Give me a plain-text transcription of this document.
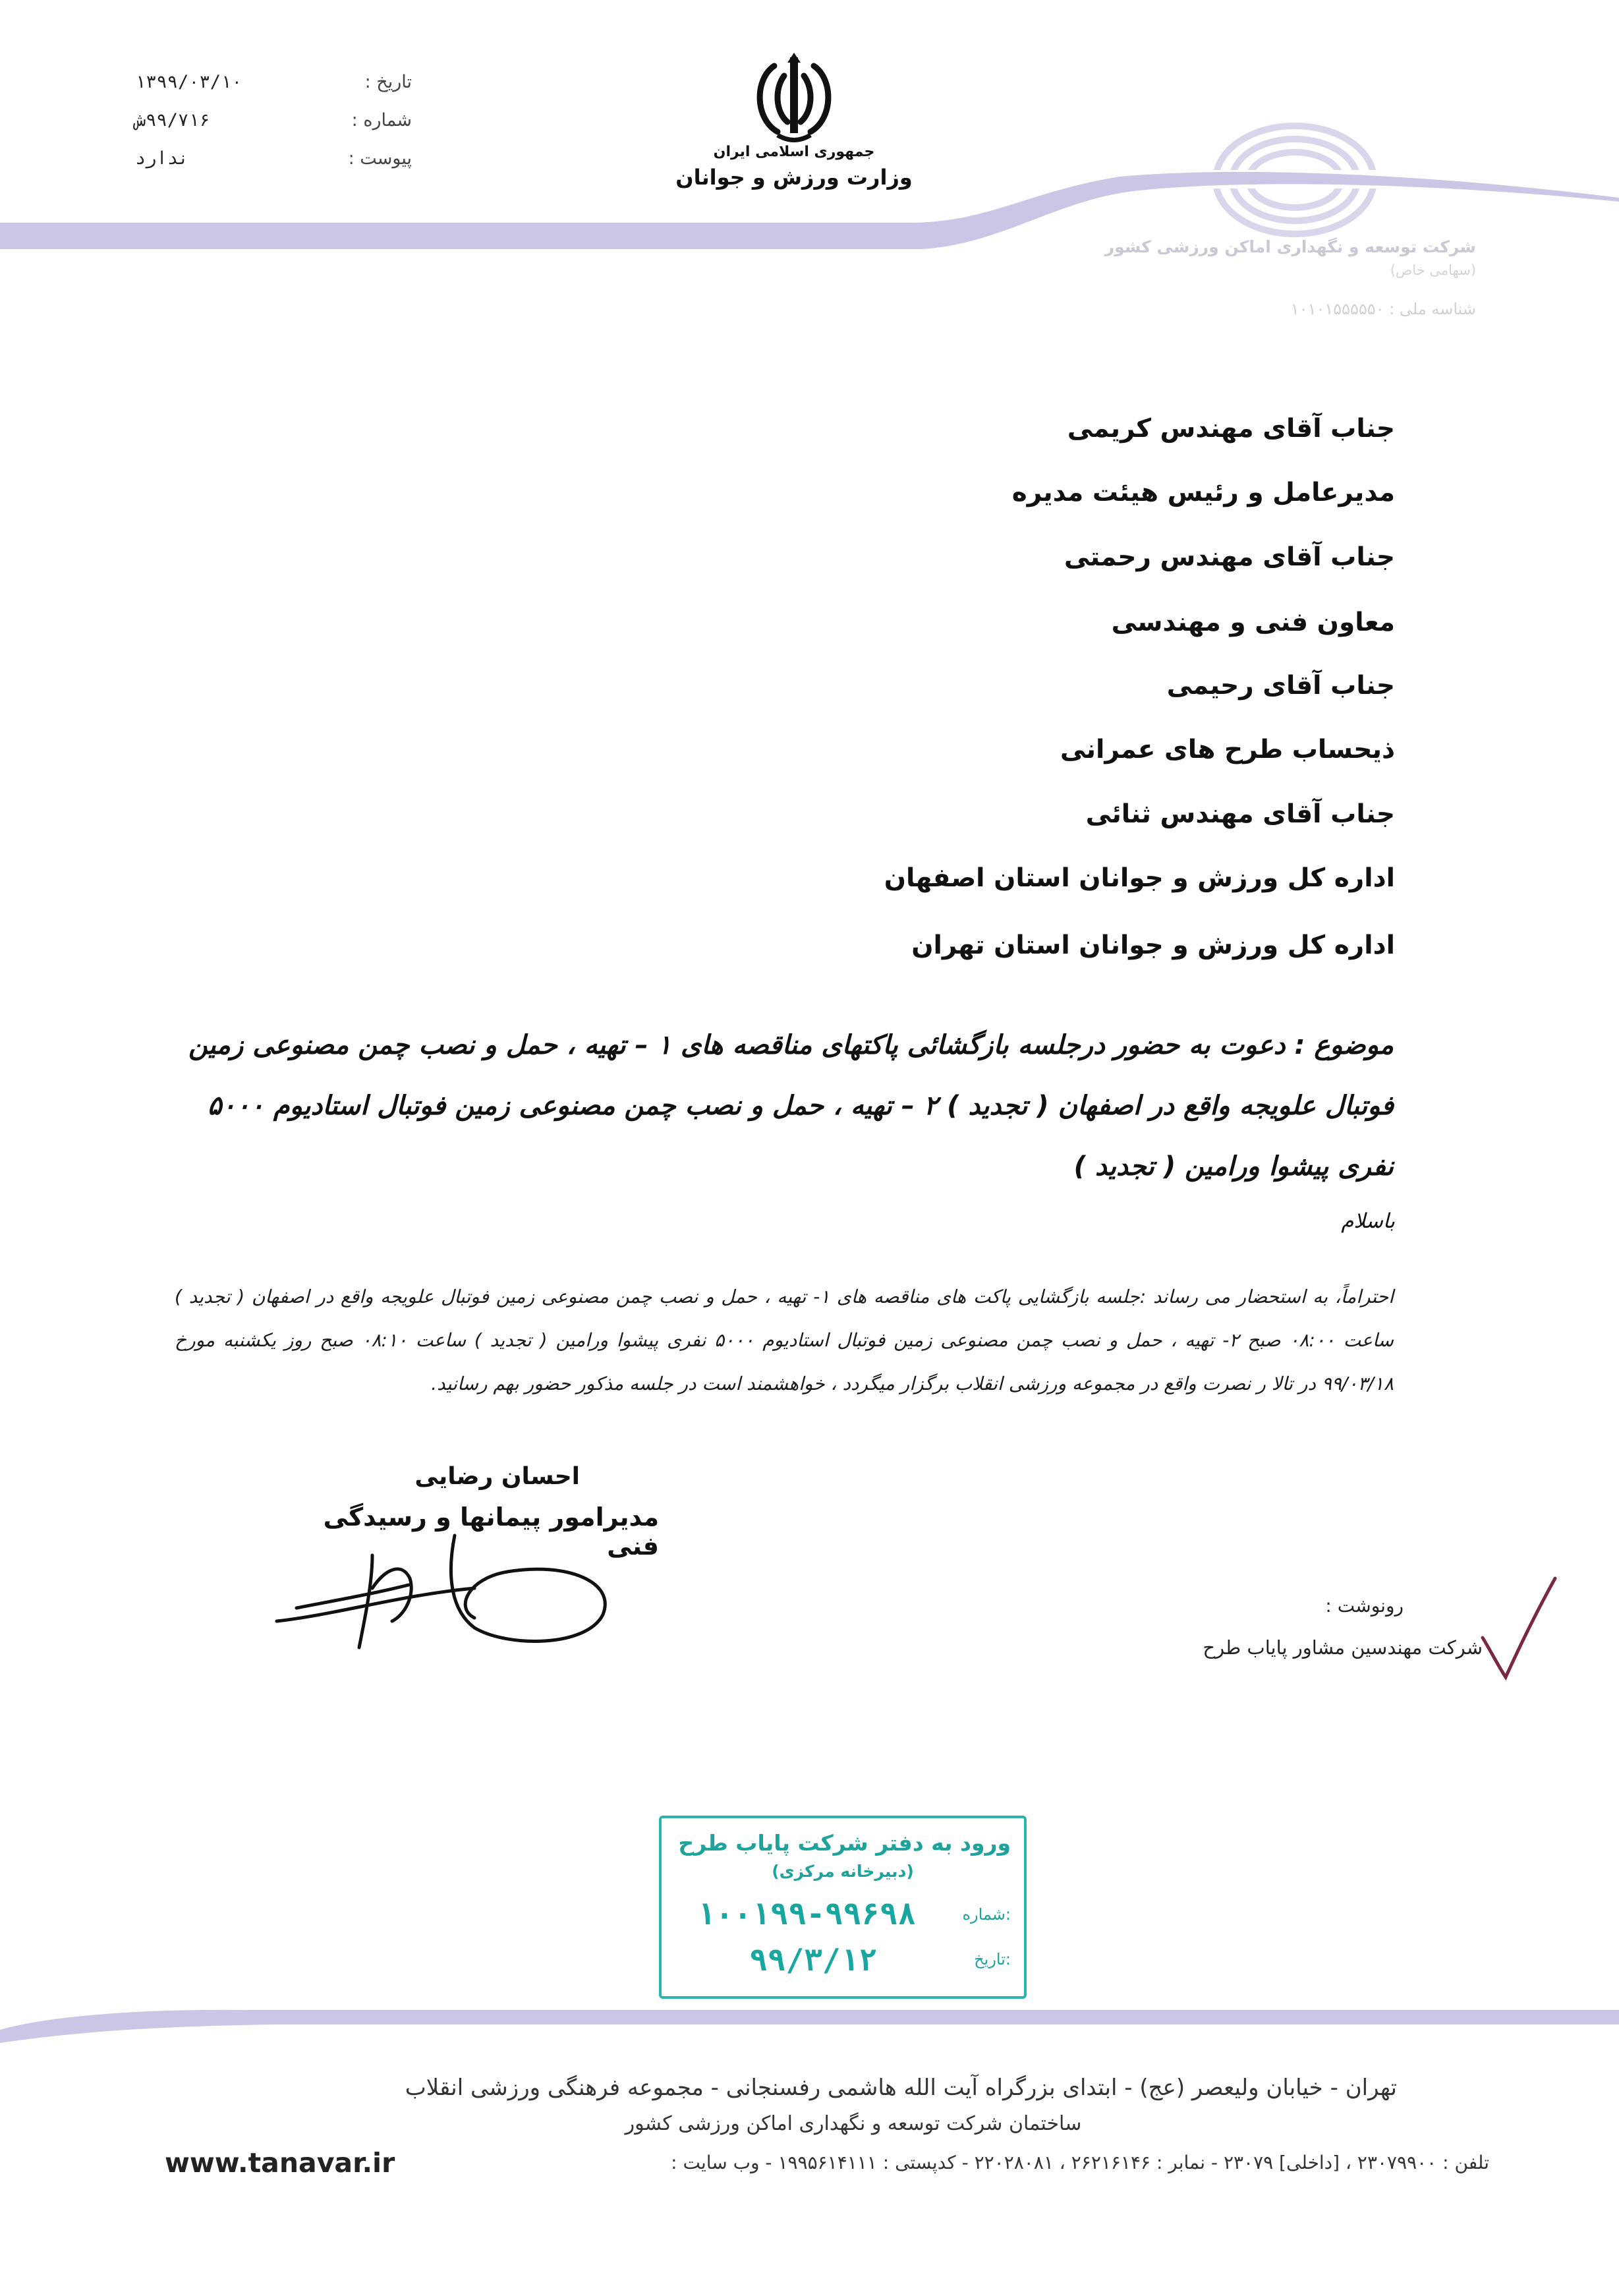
تاریخ :
۱۳۹۹/۰۳/۱۰
شماره :
۹۹/۷۱۶ش
پیوست :
ندارد	جمهوری اسلامی ایران
وزارت ورزش و جوانان
شرکت توسعه و نگهداری اماکن ورزشی کشور
(سهامی خاص)
شناسه ملی : ۱۰۱۰۱۵۵۵۵۵۰
جناب آقای مهندس کریمی
مدیرعامل و رئیس هیئت مدیره
جناب آقای مهندس رحمتی
معاون فنی و مهندسی
جناب آقای رحیمی
ذیحساب طرح های عمرانی
جناب آقای مهندس ثنائی
اداره کل ورزش و جوانان استان اصفهان
اداره کل ورزش و جوانان استان تهران
موضوع : دعوت به حضور درجلسه بازگشائی پاکتهای مناقصه های ۱ – تهیه ، حمل و نصب چمن مصنوعی زمین فوتبال علویجه واقع در اصفهان ( تجدید ) ۲ – تهیه ، حمل و نصب چمن مصنوعی زمین فوتبال استادیوم ۵۰۰۰ نفری پیشوا ورامین ( تجدید )
باسلام
احتراماً، به استحضار می رساند :جلسه بازگشایی پاکت های مناقصه های ۱- تهیه ، حمل و نصب چمن مصنوعی زمین فوتبال علویجه واقع در اصفهان ( تجدید ) ساعت ۰۸:۰۰ صبح ۲- تهیه ، حمل و نصب چمن مصنوعی زمین فوتبال استادیوم ۵۰۰۰ نفری پیشوا ورامین ( تجدید ) ساعت ۰۸:۱۰ صبح روز یکشنبه مورخ ۹۹/۰۳/۱۸ در تالا ر نصرت واقع در مجموعه ورزشی انقلاب برگزار میگردد ، خواهشمند است در جلسه مذکور حضور بهم رسانید.
احسان رضایی
مدیرامور پیمانها و رسیدگی فنی
رونوشت :
شرکت مهندسین مشاور پایاب طرح
ورود به دفتر شرکت پایاب طرح
(دبیرخانه مرکزی)
شماره:
۱۰۰۱۹۹-۹۹۶۹۸
تاریخ:
۹۹/۳/۱۲
تهران - خیابان ولیعصر (عج) - ابتدای بزرگراه آیت الله هاشمی رفسنجانی - مجموعه فرهنگی ورزشی انقلاب
ساختمان شرکت توسعه و نگهداری اماکن ورزشی کشور
تلفن : ۲۳۰۷۹۹۰۰ ، [داخلی] ۲۳۰۷۹ - نمابر : ۲۶۲۱۶۱۴۶ ، ۲۲۰۲۸۰۸۱ - کدپستی : ۱۹۹۵۶۱۴۱۱۱ - وب سایت :
www.tanavar.ir
